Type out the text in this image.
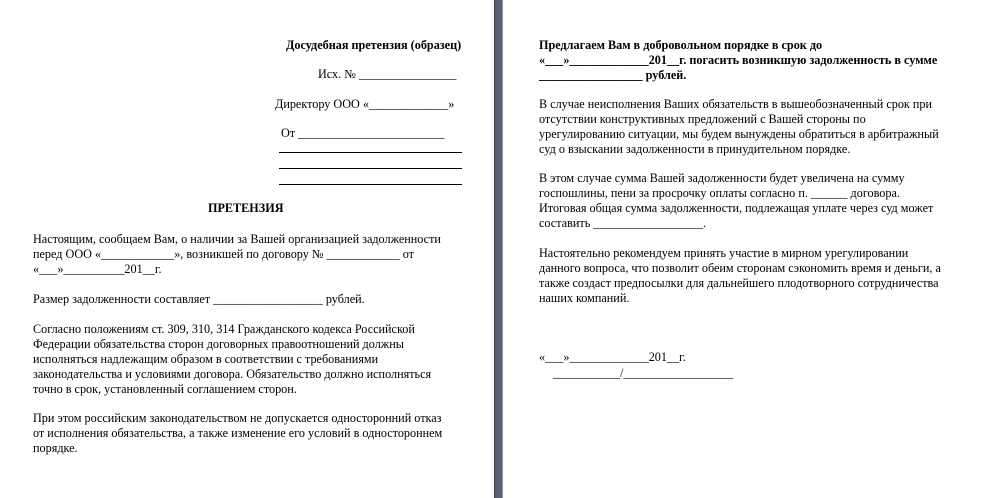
Досудебная претензия (образец)
Исх. № ________________
Директору ООО «_____________»
От ________________________
ПРЕТЕНЗИЯ
Настоящим, сообщаем Вам, о наличии за Вашей организацией задолженности
перед ООО «____________», возникшей по договору № ____________ от
«___»__________201__г.
Размер задолженности составляет __________________ рублей.
Согласно положениям ст. 309, 310, 314 Гражданского кодекса Российской
Федерации обязательства сторон договорных правоотношений должны
исполняться надлежащим образом в соответствии с требованиями
законодательства и условиями договора. Обязательство должно исполняться
точно в срок, установленный соглашением сторон.
При этом российским законодательством не допускается односторонний отказ
от исполнения обязательства, а также изменение его условий в одностороннем
порядке.
Предлагаем Вам в добровольном порядке в срок до
«___»_____________201__г. погасить возникшую задолженность в сумме
_________________ рублей.
В случае неисполнения Ваших обязательств в вышеобозначенный срок при
отсутствии конструктивных предложений с Вашей стороны по
урегулированию ситуации, мы будем вынуждены обратиться в арбитражный
суд о взыскании задолженности в принудительном порядке.
В этом случае сумма Вашей задолженности будет увеличена на сумму
госпошлины, пени за просрочку оплаты согласно п. ______ договора.
Итоговая общая сумма задолженности, подлежащая уплате через суд может
составить __________________.
Настоятельно рекомендуем принять участие в мирном урегулировании
данного вопроса, что позволит обеим сторонам сэкономить время и деньги, а
также создаст предпосылки для дальнейшего плодотворного сотрудничества
наших компаний.
«___»_____________201__г.
___________/__________________
